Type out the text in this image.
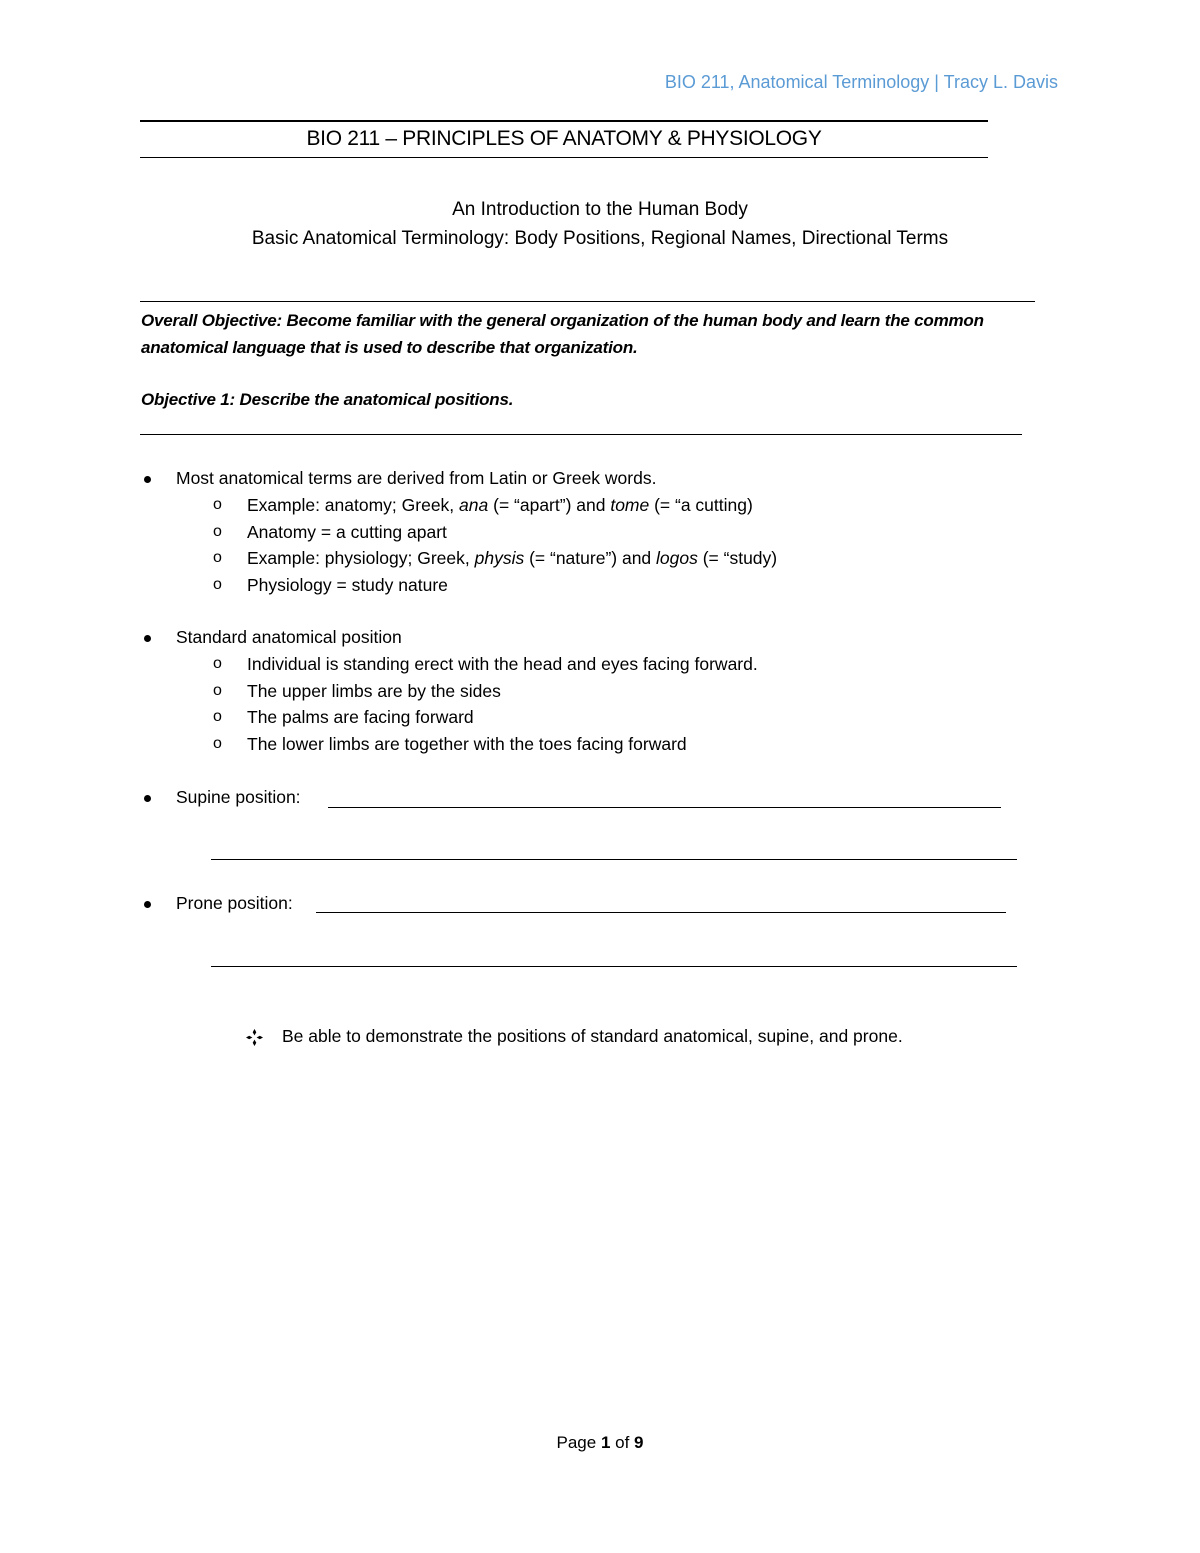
BIO 211, Anatomical Terminology | Tracy L. Davis
BIO 211 – PRINCIPLES OF ANATOMY & PHYSIOLOGY
An Introduction to the Human Body
Basic Anatomical Terminology: Body Positions, Regional Names, Directional Terms
Overall Objective: Become familiar with the general organization of the human body and learn the common
anatomical language that is used to describe that organization.
Objective 1: Describe the anatomical positions.
Most anatomical terms are derived from Latin or Greek words.
o Example: anatomy; Greek, ana (= “apart”) and tome (= “a cutting)
o Anatomy = a cutting apart
o Example: physiology; Greek, physis (= “nature”) and logos (= “study)
o Physiology = study nature
Standard anatomical position
o Individual is standing erect with the head and eyes facing forward.
o The upper limbs are by the sides
o The palms are facing forward
o The lower limbs are together with the toes facing forward
Supine position:
Prone position:
Be able to demonstrate the positions of standard anatomical, supine, and prone.
Page 1 of 9
